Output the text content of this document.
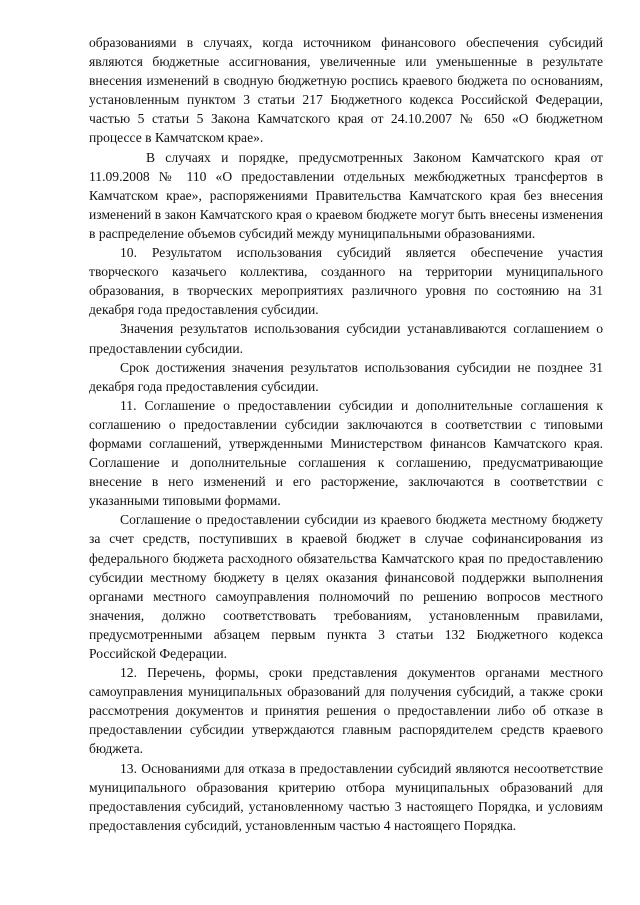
образованиями в случаях, когда источником финансового обеспечения субсидий являются бюджетные ассигнования, увеличенные или уменьшенные в результате внесения изменений в сводную бюджетную роспись краевого бюджета по основаниям, установленным пунктом 3 статьи 217 Бюджетного кодекса Российской Федерации, частью 5 статьи 5 Закона Камчатского края от 24.10.2007 № 650 «О бюджетном процессе в Камчатском крае».

В случаях и порядке, предусмотренных Законом Камчатского края от 11.09.2008 № 110 «О предоставлении отдельных межбюджетных трансфертов в Камчатском крае», распоряжениями Правительства Камчатского края без внесения изменений в закон Камчатского края о краевом бюджете могут быть внесены изменения в распределение объемов субсидий между муниципальными образованиями.

10. Результатом использования субсидий является обеспечение участия творческого казачьего коллектива, созданного на территории муниципального образования, в творческих мероприятиях различного уровня по состоянию на 31 декабря года предоставления субсидии.

Значения результатов использования субсидии устанавливаются соглашением о предоставлении субсидии.

Срок достижения значения результатов использования субсидии не позднее 31 декабря года предоставления субсидии.

11. Соглашение о предоставлении субсидии и дополнительные соглашения к соглашению о предоставлении субсидии заключаются в соответствии с типовыми формами соглашений, утвержденными Министерством финансов Камчатского края. Соглашение и дополнительные соглашения к соглашению, предусматривающие внесение в него изменений и его расторжение, заключаются в соответствии с указанными типовыми формами.

Соглашение о предоставлении субсидии из краевого бюджета местному бюджету за счет средств, поступивших в краевой бюджет в случае софинансирования из федерального бюджета расходного обязательства Камчатского края по предоставлению субсидии местному бюджету в целях оказания финансовой поддержки выполнения органами местного самоуправления полномочий по решению вопросов местного значения, должно соответствовать требованиям, установленным правилами, предусмотренными абзацем первым пункта 3 статьи 132 Бюджетного кодекса Российской Федерации.

12. Перечень, формы, сроки представления документов органами местного самоуправления муниципальных образований для получения субсидий, а также сроки рассмотрения документов и принятия решения о предоставлении либо об отказе в предоставлении субсидии утверждаются главным распорядителем средств краевого бюджета.

13. Основаниями для отказа в предоставлении субсидий являются несоответствие муниципального образования критерию отбора муниципальных образований для предоставления субсидий, установленному частью 3 настоящего Порядка, и условиям предоставления субсидий, установленным частью 4 настоящего Порядка.
